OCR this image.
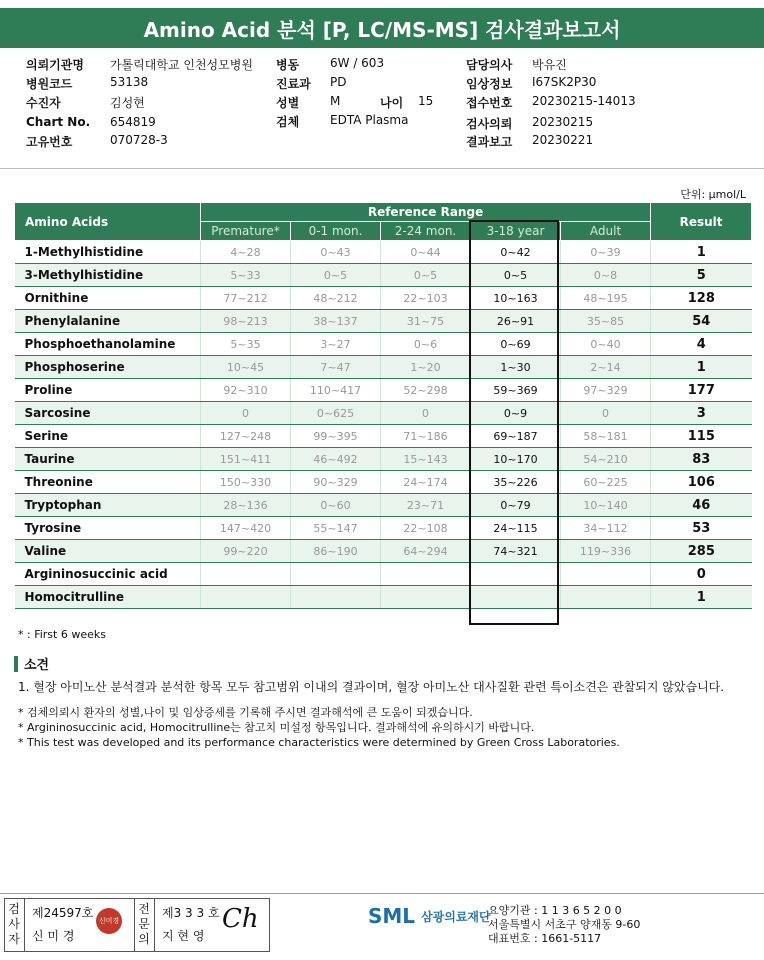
Amino Acid 분석 [P, LC/MS-MS] 검사결과보고서
의뢰기관명 가톨릭대학교 인천성모병원
병원코드	53138
수진자	김성현
Chart No. 654819
고유번호	070728-3
병동	6W / 603
진료과 PD
성별	M	나이 15
검체	EDTA Plasma
담당의사 박유진
임상정보 I67SK2P30
접수번호 20230215-14013
검사의뢰 20230215
결과보고 20230221
단위: μmol/L
Amino Acids	Reference Range					Result
	Premature*	0-1 mon.	2-24 mon.	3-18 year	Adult	
1-Methylhistidine	4~28	0~43	0~44	0~42	0~39	1
3-Methylhistidine	5~33	0~5	0~5	0~5	0~8	5
Ornithine	77~212	48~212	22~103	10~163	48~195	128
Phenylalanine	98~213	38~137	31~75	26~91	35~85	54
Phosphoethanolamine	5~35	3~27	0~6	0~69	0~40	4
Phosphoserine	10~45	7~47	1~20	1~30	2~14	1
Proline	92~310	110~417	52~298	59~369	97~329	177
Sarcosine	0	0~625	0	0~9	0	3
Serine	127~248	99~395	71~186	69~187	58~181	115
Taurine	151~411	46~492	15~143	10~170	54~210	83
Threonine	150~330	90~329	24~174	35~226	60~225	106
Tryptophan	28~136	0~60	23~71	0~79	10~140	46
Tyrosine	147~420	55~147	22~108	24~115	34~112	53
Valine	99~220	86~190	64~294	74~321	119~336	285
Argininosuccinic acid						0
Homocitrulline						1
* : First 6 weeks
소견
1. 혈장 아미노산 분석결과 분석한 항목 모두 참고범위 이내의 결과이며, 혈장 아미노산 대사질환 관련 특이소견은 관찰되지 않았습니다.
* 검체의뢰시 환자의 성별,나이 및 임상증세를 기록해 주시면 결과해석에 큰 도움이 되겠습니다.
* Argininosuccinic acid, Homocitrulline는 참고치 미설정 항목입니다. 결과해석에 유의하시기 바랍니다.
* This test was developed and its performance characteristics were determined by Green Cross Laboratories.
검사자
제24597호
신 미 경
신미경
전문의
제3 3 3 호
지 현 영
Ch	SML 삼광의료재단
요양기관 : 1 1 3 6 5 2 0 0
서울특별시 서초구 양재동 9-60
대표번호 : 1661-5117
